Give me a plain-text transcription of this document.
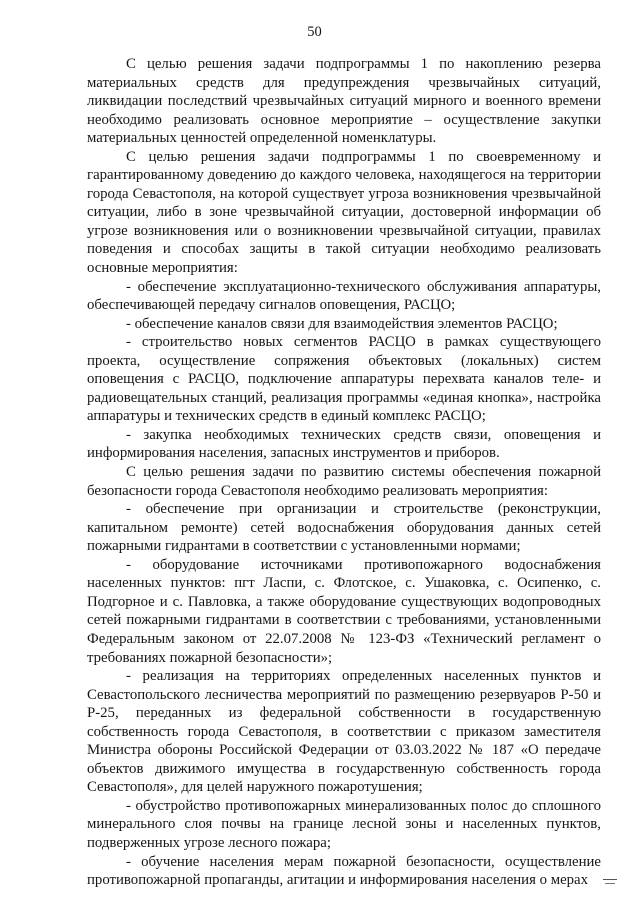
50

С целью решения задачи подпрограммы 1 по накоплению резерва материальных средств для предупреждения чрезвычайных ситуаций, ликвидации последствий чрезвычайных ситуаций мирного и военного времени необходимо реализовать основное мероприятие – осуществление закупки материальных ценностей определенной номенклатуры.

С целью решения задачи подпрограммы 1 по своевременному и гарантированному доведению до каждого человека, находящегося на территории города Севастополя, на которой существует угроза возникновения чрезвычайной ситуации, либо в зоне чрезвычайной ситуации, достоверной информации об угрозе возникновения или о возникновении чрезвычайной ситуации, правилах поведения и способах защиты в такой ситуации необходимо реализовать основные мероприятия:

- обеспечение эксплуатационно-технического обслуживания аппаратуры, обеспечивающей передачу сигналов оповещения, РАСЦО;

- обеспечение каналов связи для взаимодействия элементов РАСЦО;

- строительство новых сегментов РАСЦО в рамках существующего проекта, осуществление сопряжения объектовых (локальных) систем оповещения с РАСЦО, подключение аппаратуры перехвата каналов теле- и радиовещательных станций, реализация программы «единая кнопка», настройка аппаратуры и технических средств в единый комплекс РАСЦО;

- закупка необходимых технических средств связи, оповещения и информирования населения, запасных инструментов и приборов.

С целью решения задачи по развитию системы обеспечения пожарной безопасности города Севастополя необходимо реализовать мероприятия:

- обеспечение при организации и строительстве (реконструкции, капитальном ремонте) сетей водоснабжения оборудования данных сетей пожарными гидрантами в соответствии с установленными нормами;

- оборудование источниками противопожарного водоснабжения населенных пунктов: пгт Ласпи, с. Флотское, с. Ушаковка, с. Осипенко, с. Подгорное и с. Павловка, а также оборудование существующих водопроводных сетей пожарными гидрантами в соответствии с требованиями, установленными Федеральным законом от 22.07.2008 № 123-ФЗ «Технический регламент о требованиях пожарной безопасности»;

- реализация на территориях определенных населенных пунктов и Севастопольского лесничества мероприятий по размещению резервуаров Р-50 и Р-25, переданных из федеральной собственности в государственную собственность города Севастополя, в соответствии с приказом заместителя Министра обороны Российской Федерации от 03.03.2022 № 187 «О передаче объектов движимого имущества в государственную собственность города Севастополя», для целей наружного пожаротушения;

- обустройство противопожарных минерализованных полос до сплошного минерального слоя почвы на границе лесной зоны и населенных пунктов, подверженных угрозе лесного пожара;

- обучение населения мерам пожарной безопасности, осуществление противопожарной пропаганды, агитации и информирования населения о мерах
